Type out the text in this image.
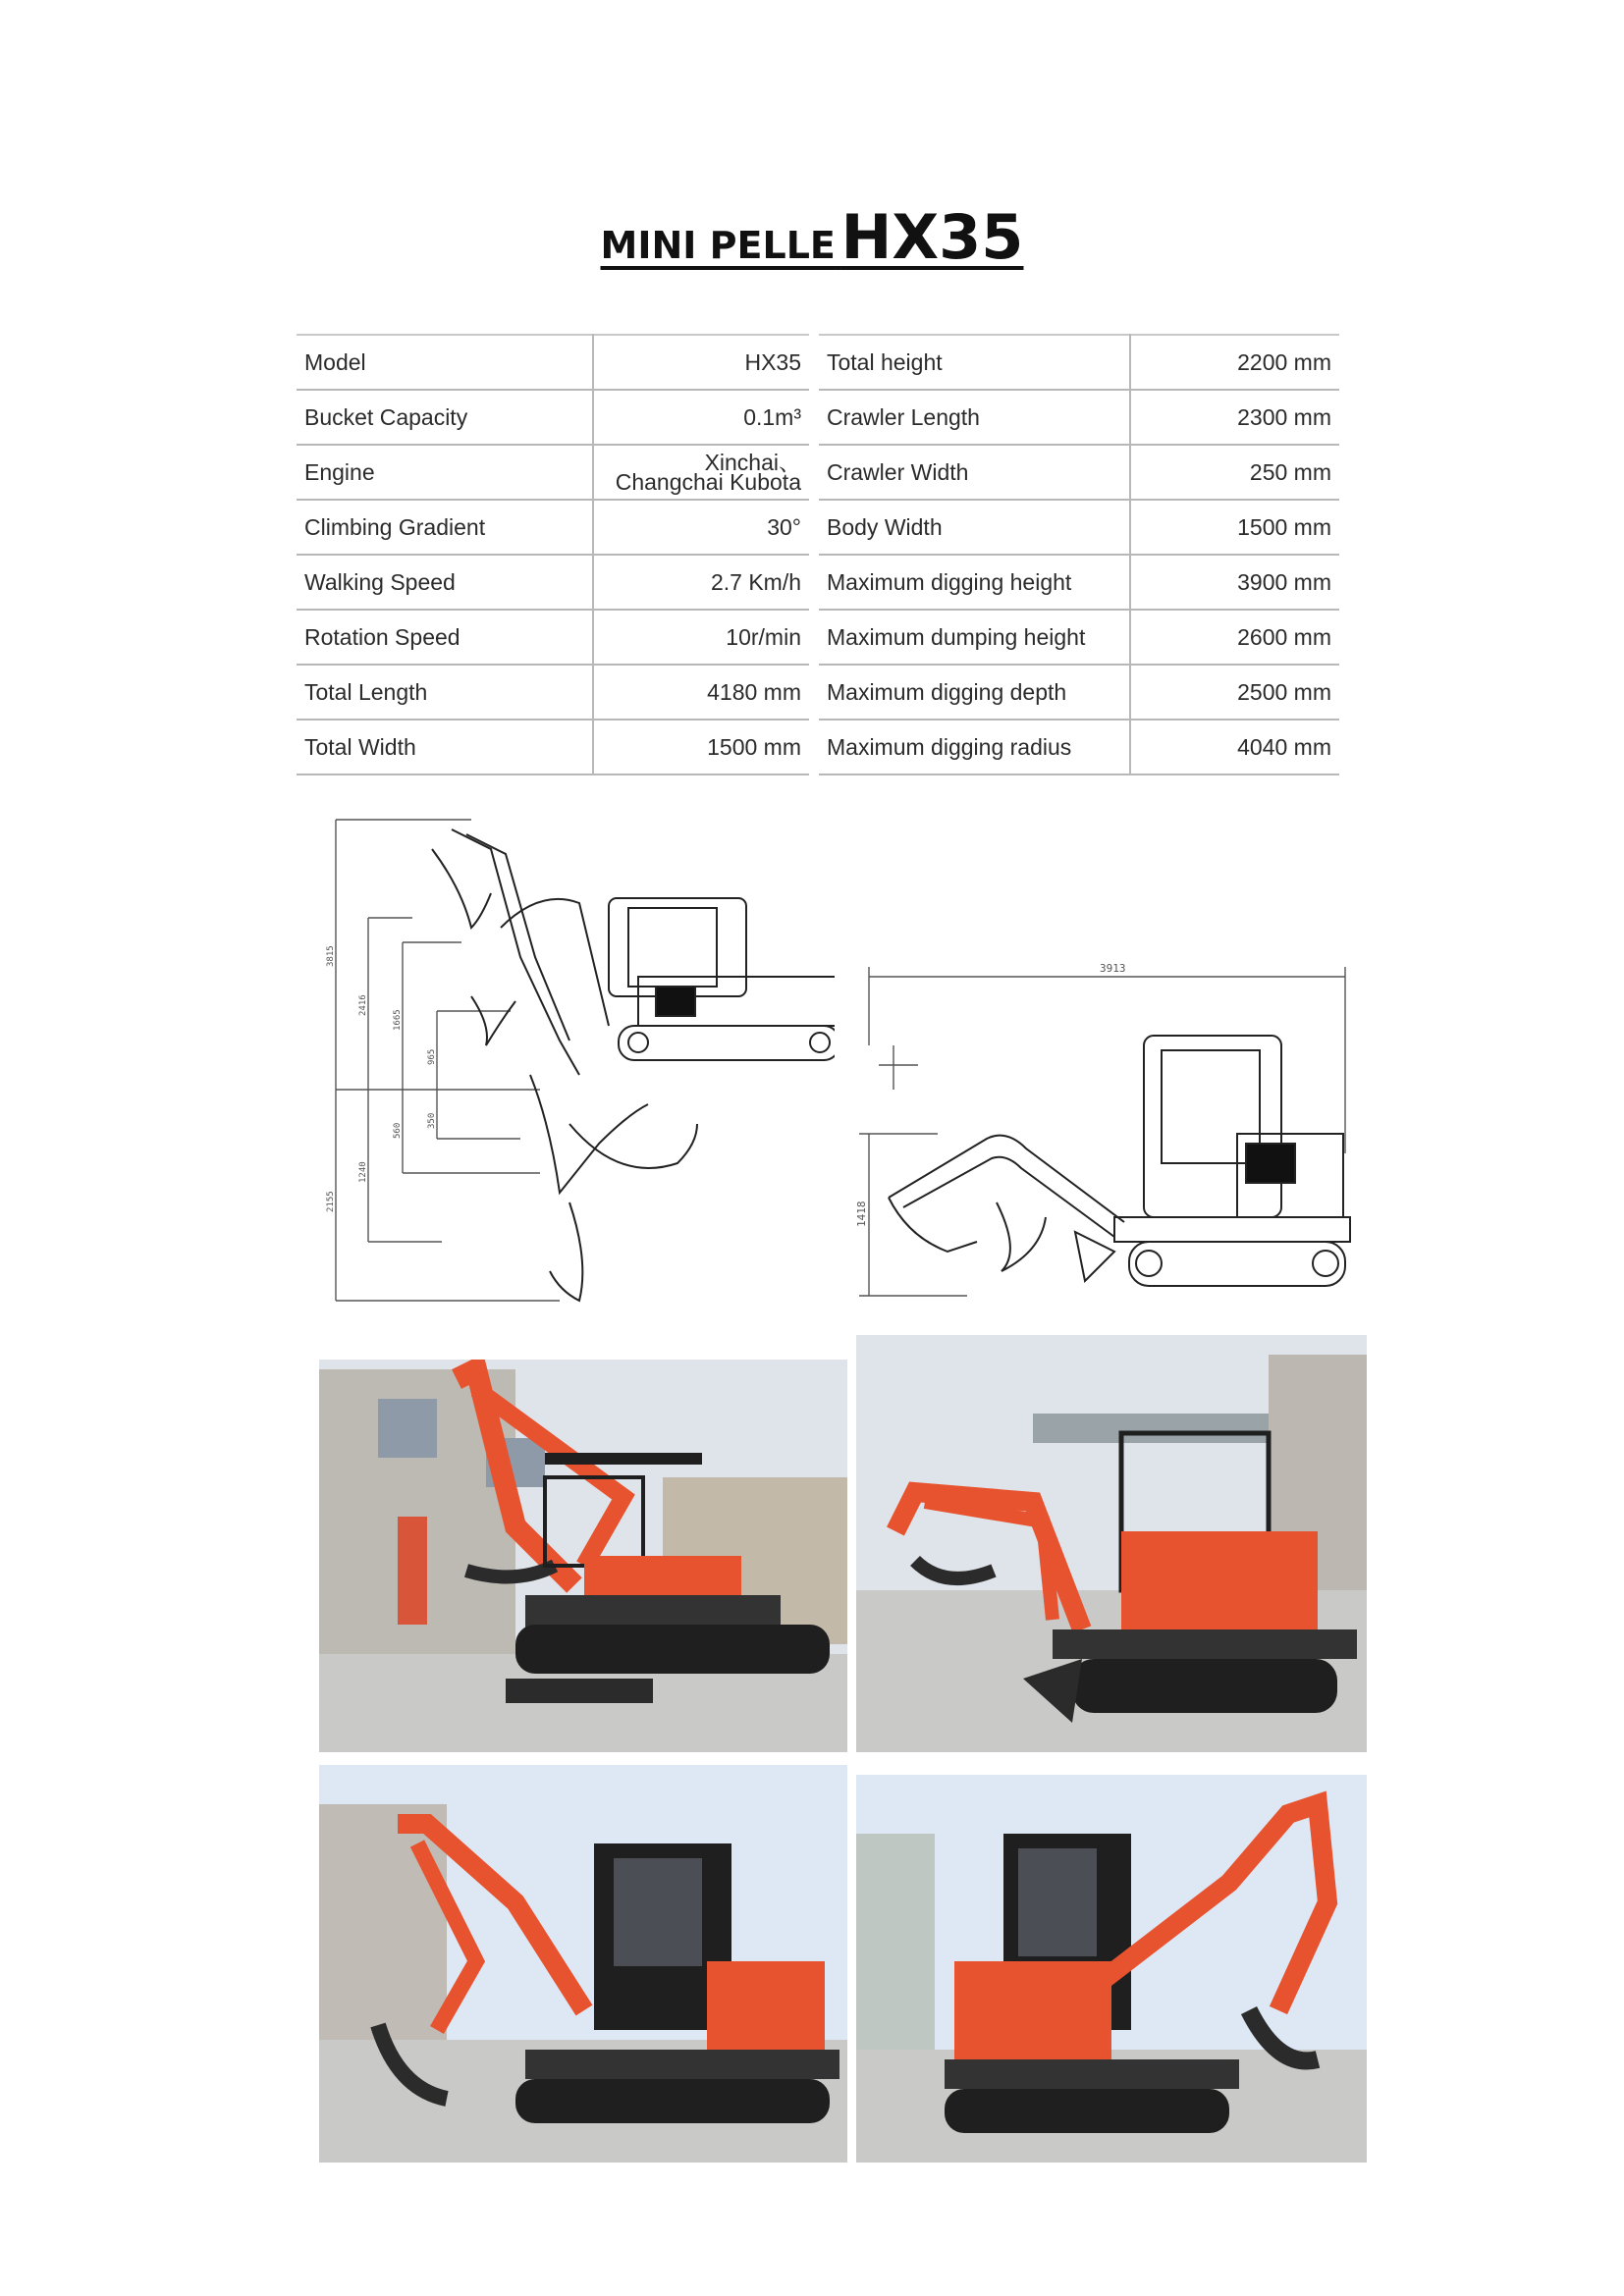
MINI PELLE HX35
Model	HX35
Bucket Capacity	0.1m³
Engine	Xinchai、Changchai Kubota
Climbing Gradient	30°
Walking Speed	2.7 Km/h
Rotation Speed	10r/min
Total Length	4180 mm
Total Width	1500 mm
Total height	2200 mm
Crawler Length	2300 mm
Crawler Width	250 mm
Body Width	1500 mm
Maximum digging height	3900 mm
Maximum dumping height	2600 mm
Maximum digging depth	2500 mm
Maximum digging radius	4040 mm
3815
2155
2416
1240
1665
965
560
350
3913
1418
